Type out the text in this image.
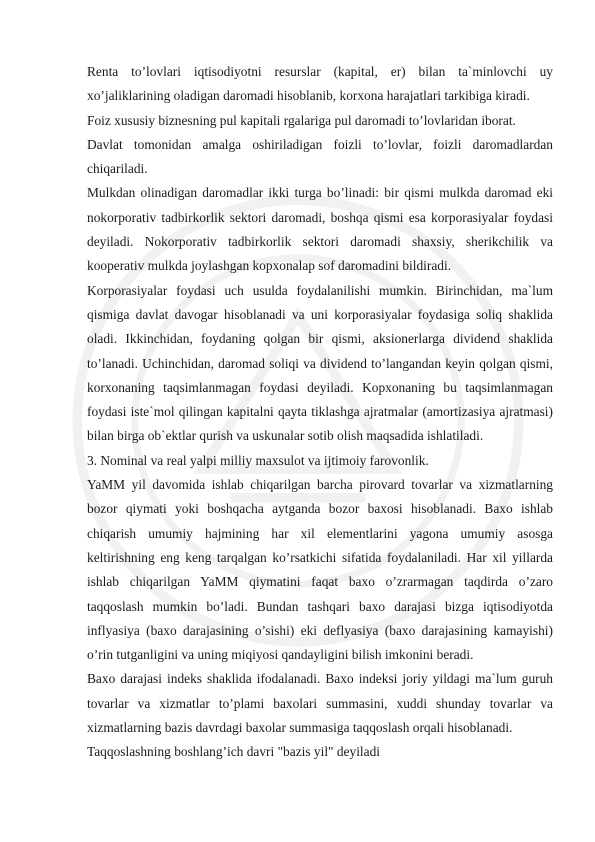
Renta to’lovlari iqtisodiyotni resurslar (kapital, er) bilan ta`minlovchi uy xo’jaliklarining oladigan daromadi hisoblanib, korxona harajatlari tarkibiga kiradi.

Foiz xususiy biznesning pul kapitali rgalariga pul daromadi to’lovlaridan iborat.

Davlat tomonidan amalga oshiriladigan foizli to’lovlar, foizli daromadlardan chiqariladi.

Mulkdan olinadigan daromadlar ikki turga bo’linadi: bir qismi mulkda daromad eki nokorporativ tadbirkorlik sektori daromadi, boshqa qismi esa korporasiyalar foydasi deyiladi. Nokorporativ tadbirkorlik sektori daromadi shaxsiy, sherikchilik va kooperativ mulkda joylashgan kopxonalap sof daromadini bildiradi.

Korporasiyalar foydasi uch usulda foydalanilishi mumkin. Birinchidan, ma`lum qismiga davlat davogar hisoblanadi va uni korporasiyalar foydasiga soliq shaklida oladi. Ikkinchidan, foydaning qolgan bir qismi, aksionerlarga dividend shaklida to’lanadi. Uchinchidan, daromad soliqi va dividend to’langandan keyin qolgan qismi, korxonaning taqsimlanmagan foydasi deyiladi. Kopxonaning bu taqsimlanmagan foydasi iste`mol qilingan kapitalni qayta tiklashga ajratmalar (amortizasiya ajratmasi) bilan birga ob`ektlar qurish va uskunalar sotib olish maqsadida ishlatiladi.

3. Nominal va real yalpi milliy maxsulot va ijtimoiy farovonlik.

YaMM yil davomida ishlab chiqarilgan barcha pirovard tovarlar va xizmatlarning bozor qiymati yoki boshqacha aytganda bozor baxosi hisoblanadi. Baxo ishlab chiqarish umumiy hajmining har xil elementlarini yagona umumiy asosga keltirishning eng keng tarqalgan ko’rsatkichi sifatida foydalaniladi. Har xil yillarda ishlab chiqarilgan YaMM qiymatini faqat baxo o’zrarmagan taqdirda o’zaro taqqoslash mumkin bo’ladi. Bundan tashqari baxo darajasi bizga iqtisodiyotda inflyasiya (baxo darajasining o’sishi) eki deflyasiya (baxo darajasining kamayishi) o’rin tutganligini va uning miqiyosi qandayligini bilish imkonini beradi.

Baxo darajasi indeks shaklida ifodalanadi. Baxo indeksi joriy yildagi ma`lum guruh tovarlar va xizmatlar to’plami baxolari summasini, xuddi shunday tovarlar va xizmatlarning bazis davrdagi baxolar summasiga taqqoslash orqali hisoblanadi.

Taqqoslashning boshlang’ich davri "bazis yil" deyiladi
